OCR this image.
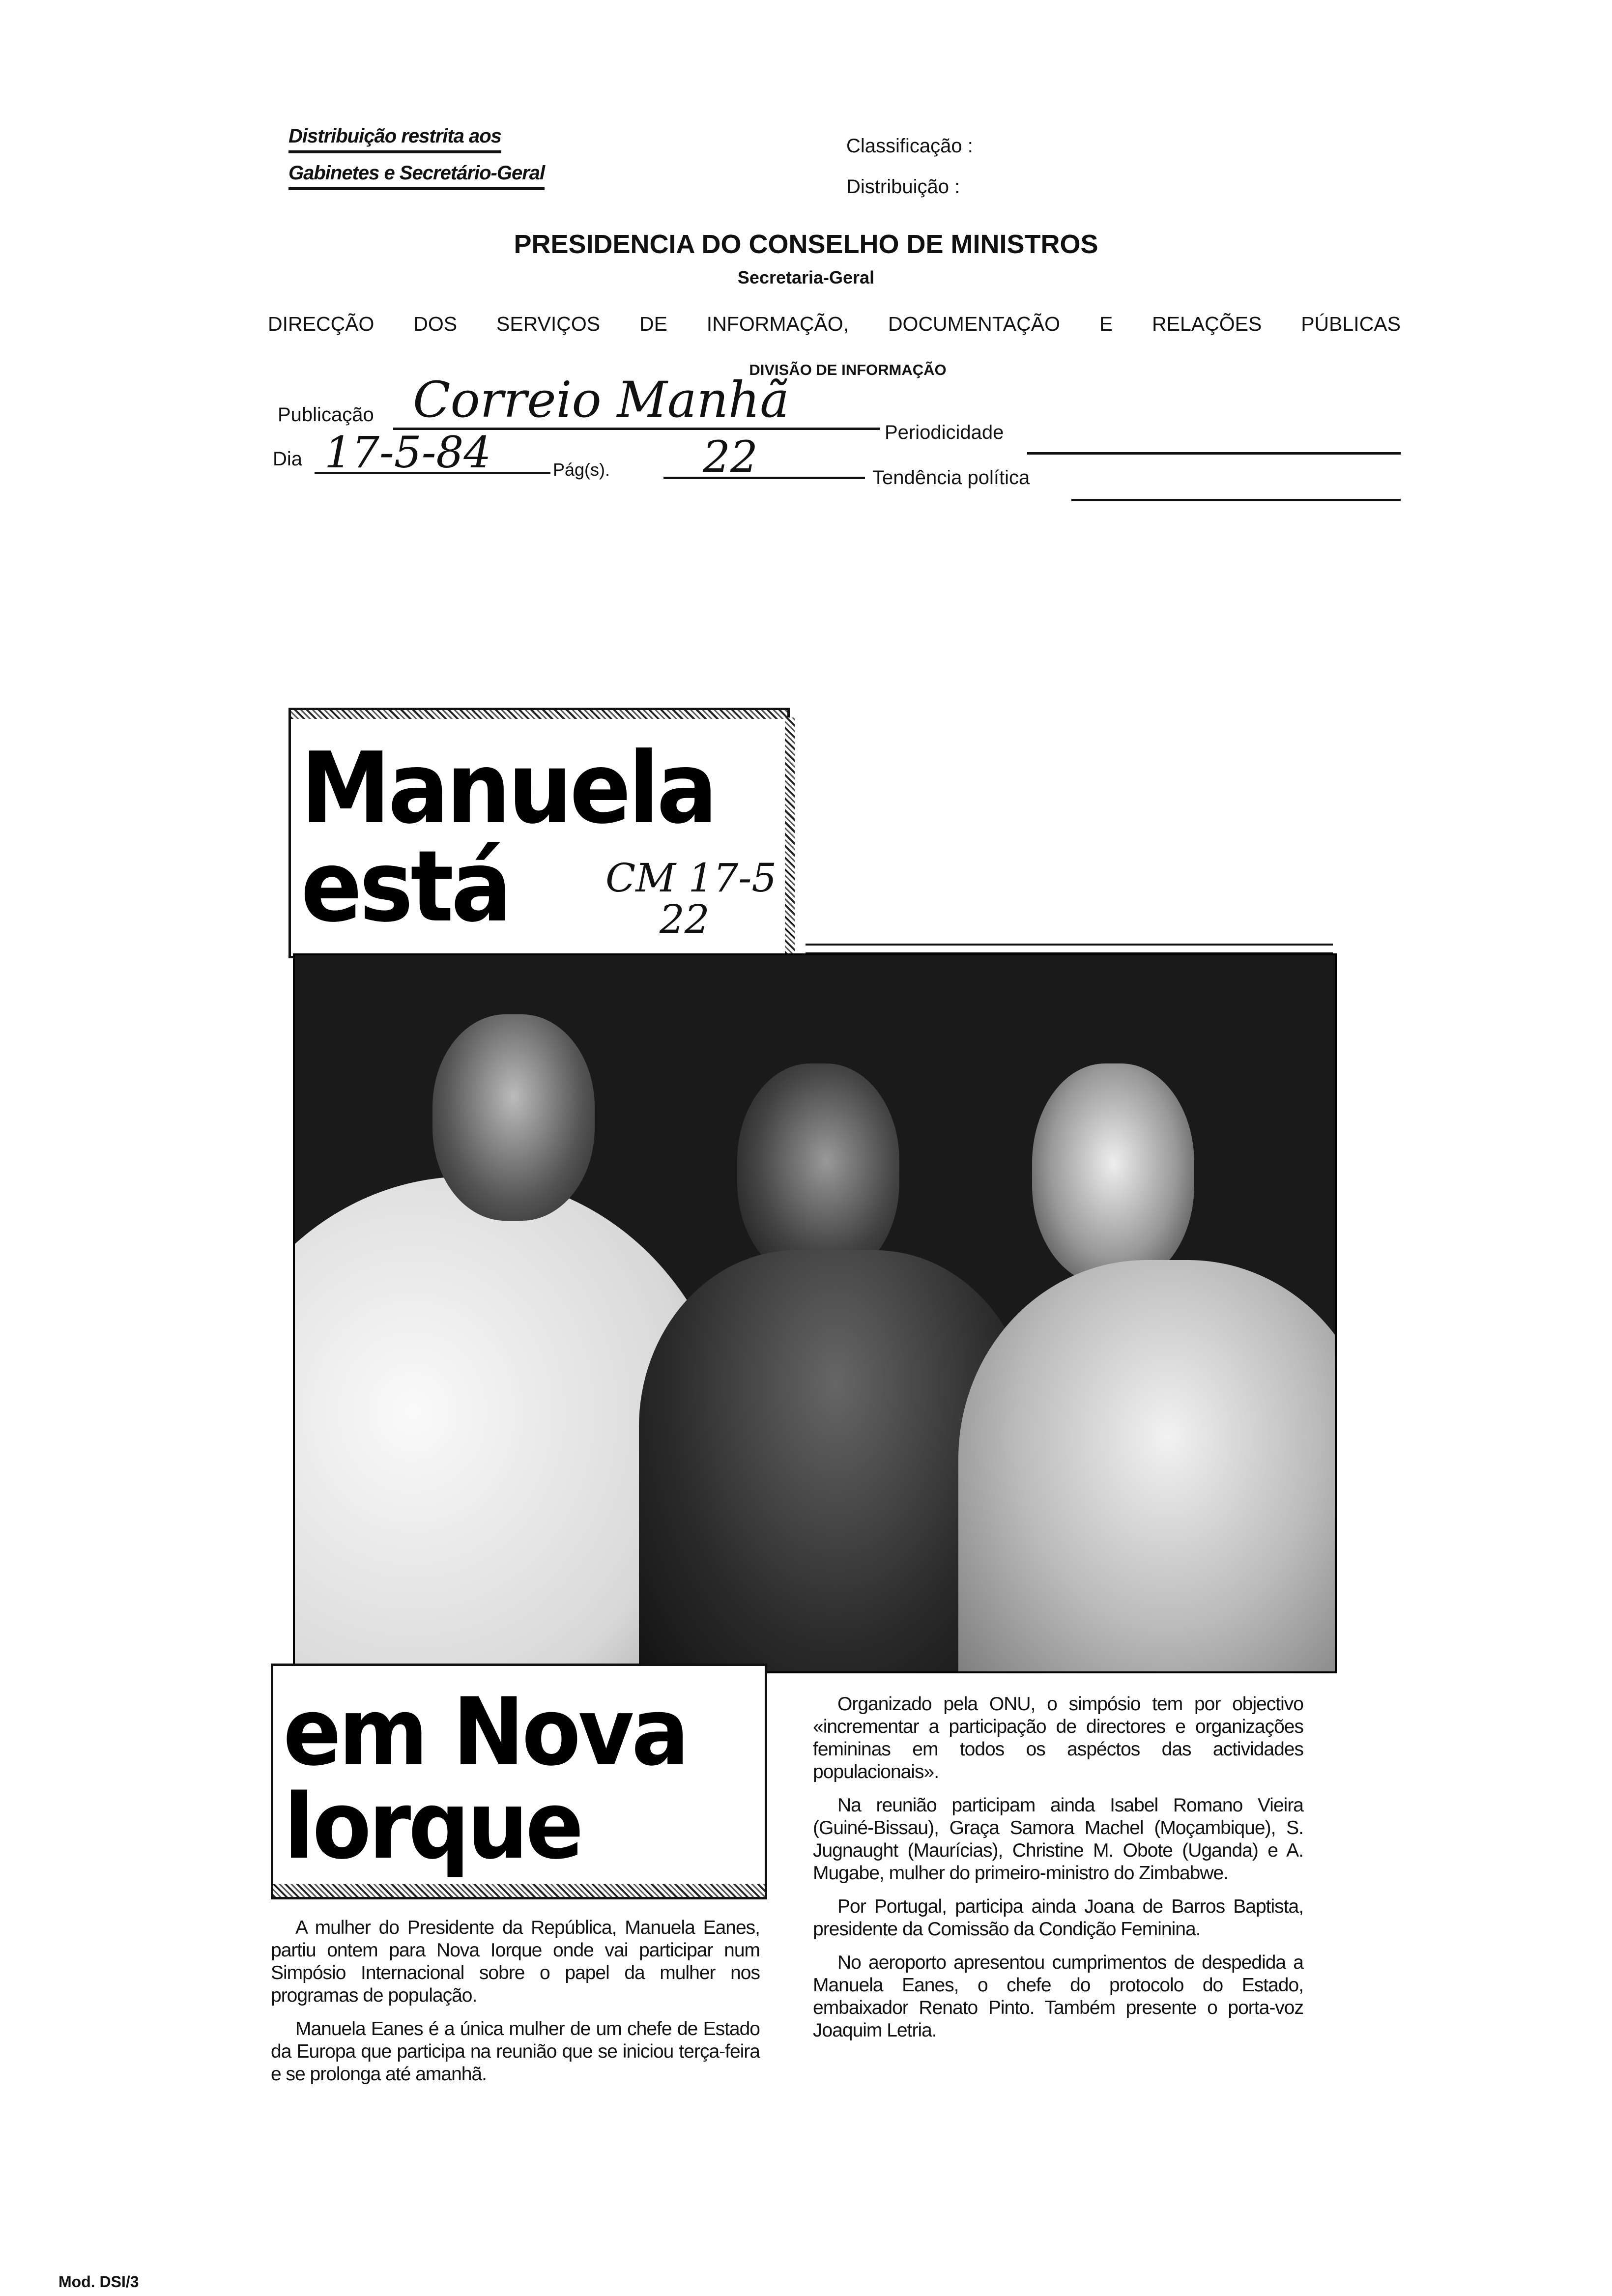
Distribuição restrita aos
Gabinetes e Secretário-Geral
Classificação :
Distribuição :
PRESIDENCIA DO CONSELHO DE MINISTROS
Secretaria-Geral
DIRECÇÃO DOS SERVIÇOS DE INFORMAÇÃO, DOCUMENTAÇÃO E RELAÇÕES PÚBLICAS
DIVISÃO DE INFORMAÇÃO
Publicação Correio Manhã
Periodicidade
Dia 17-5-84	Pág(s). 22	Tendência política
Manuela
está CM 17-5
22
em Nova
Iorque

A mulher do Presidente da República, Manuela Eanes, partiu ontem para Nova Iorque onde vai participar num Simpósio Internacional sobre o papel da mulher nos programas de população.

Manuela Eanes é a única mulher de um chefe de Estado da Europa que participa na reunião que se iniciou terça-feira e se prolonga até amanhã.

Organizado pela ONU, o simpósio tem por objectivo «incrementar a participação de directores e organizações femininas em todos os aspéctos das actividades populacionais».

Na reunião participam ainda Isabel Romano Vieira (Guiné-Bissau), Graça Samora Machel (Moçambique), S. Jugnaught (Maurícias), Christine M. Obote (Uganda) e A. Mugabe, mulher do primeiro-ministro do Zimbabwe.

Por Portugal, participa ainda Joana de Barros Baptista, presidente da Comissão da Condição Feminina.

No aeroporto apresentou cumprimentos de despedida a Manuela Eanes, o chefe do protocolo do Estado, embaixador Renato Pinto. Também presente o porta-voz Joaquim Letria.

Mod. DSI/3
